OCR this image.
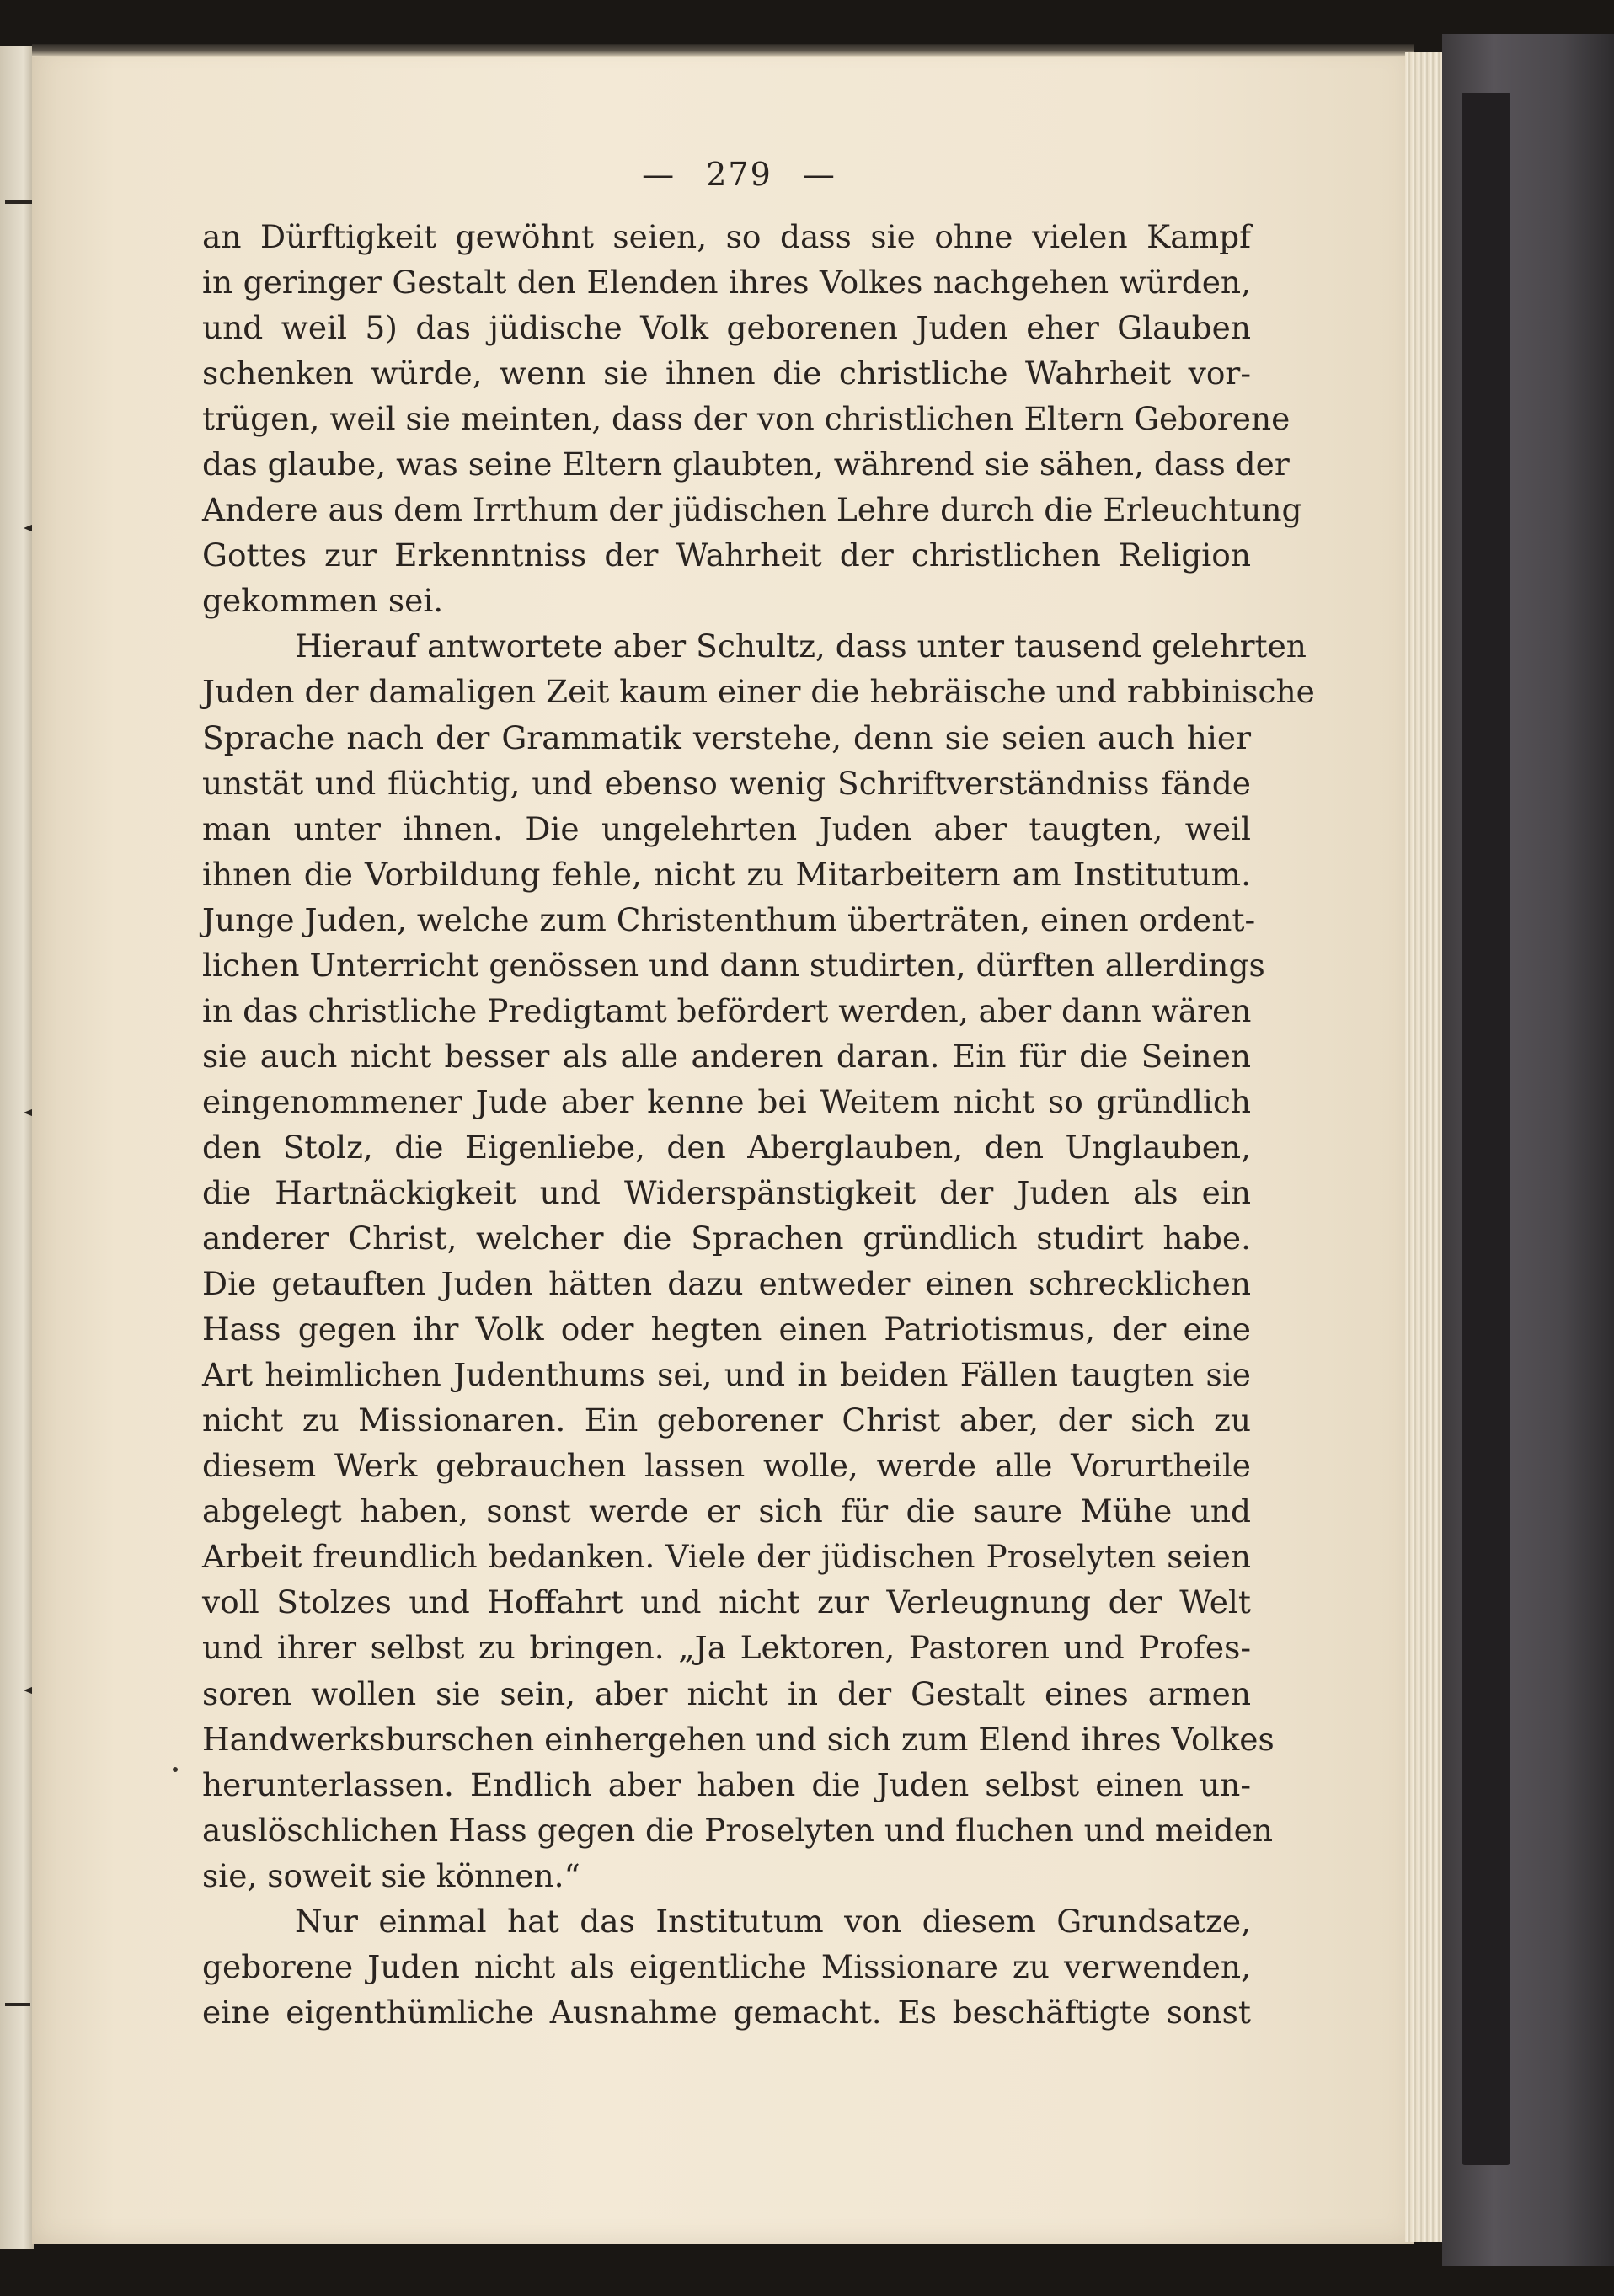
— 279 —

an Dürftigkeit gewöhnt seien, so dass sie ohne vielen Kampf
in geringer Gestalt den Elenden ihres Volkes nachgehen würden,
und weil 5) das jüdische Volk geborenen Juden eher Glauben
schenken würde, wenn sie ihnen die christliche Wahrheit vor-
trügen, weil sie meinten, dass der von christlichen Eltern Geborene
das glaube, was seine Eltern glaubten, während sie sähen, dass der
Andere aus dem Irrthum der jüdischen Lehre durch die Erleuchtung
Gottes zur Erkenntniss der Wahrheit der christlichen Religion
gekommen sei.

Hierauf antwortete aber Schultz, dass unter tausend gelehrten
Juden der damaligen Zeit kaum einer die hebräische und rabbinische
Sprache nach der Grammatik verstehe, denn sie seien auch hier
unstät und flüchtig, und ebenso wenig Schriftverständniss fände
man unter ihnen. Die ungelehrten Juden aber taugten, weil
ihnen die Vorbildung fehle, nicht zu Mitarbeitern am Institutum.
Junge Juden, welche zum Christenthum überträten, einen ordent-
lichen Unterricht genössen und dann studirten, dürften allerdings
in das christliche Predigtamt befördert werden, aber dann wären
sie auch nicht besser als alle anderen daran. Ein für die Seinen
eingenommener Jude aber kenne bei Weitem nicht so gründlich
den Stolz, die Eigenliebe, den Aberglauben, den Unglauben,
die Hartnäckigkeit und Widerspänstigkeit der Juden als ein
anderer Christ, welcher die Sprachen gründlich studirt habe.
Die getauften Juden hätten dazu entweder einen schrecklichen
Hass gegen ihr Volk oder hegten einen Patriotismus, der eine
Art heimlichen Judenthums sei, und in beiden Fällen taugten sie
nicht zu Missionaren. Ein geborener Christ aber, der sich zu
diesem Werk gebrauchen lassen wolle, werde alle Vorurtheile
abgelegt haben, sonst werde er sich für die saure Mühe und
Arbeit freundlich bedanken. Viele der jüdischen Proselyten seien
voll Stolzes und Hoffahrt und nicht zur Verleugnung der Welt
und ihrer selbst zu bringen. „Ja Lektoren, Pastoren und Profes-
soren wollen sie sein, aber nicht in der Gestalt eines armen
Handwerksburschen einhergehen und sich zum Elend ihres Volkes
herunterlassen. Endlich aber haben die Juden selbst einen un-
auslöschlichen Hass gegen die Proselyten und fluchen und meiden
sie, soweit sie können.“

Nur einmal hat das Institutum von diesem Grundsatze,
geborene Juden nicht als eigentliche Missionare zu verwenden,
eine eigenthümliche Ausnahme gemacht. Es beschäftigte sonst
